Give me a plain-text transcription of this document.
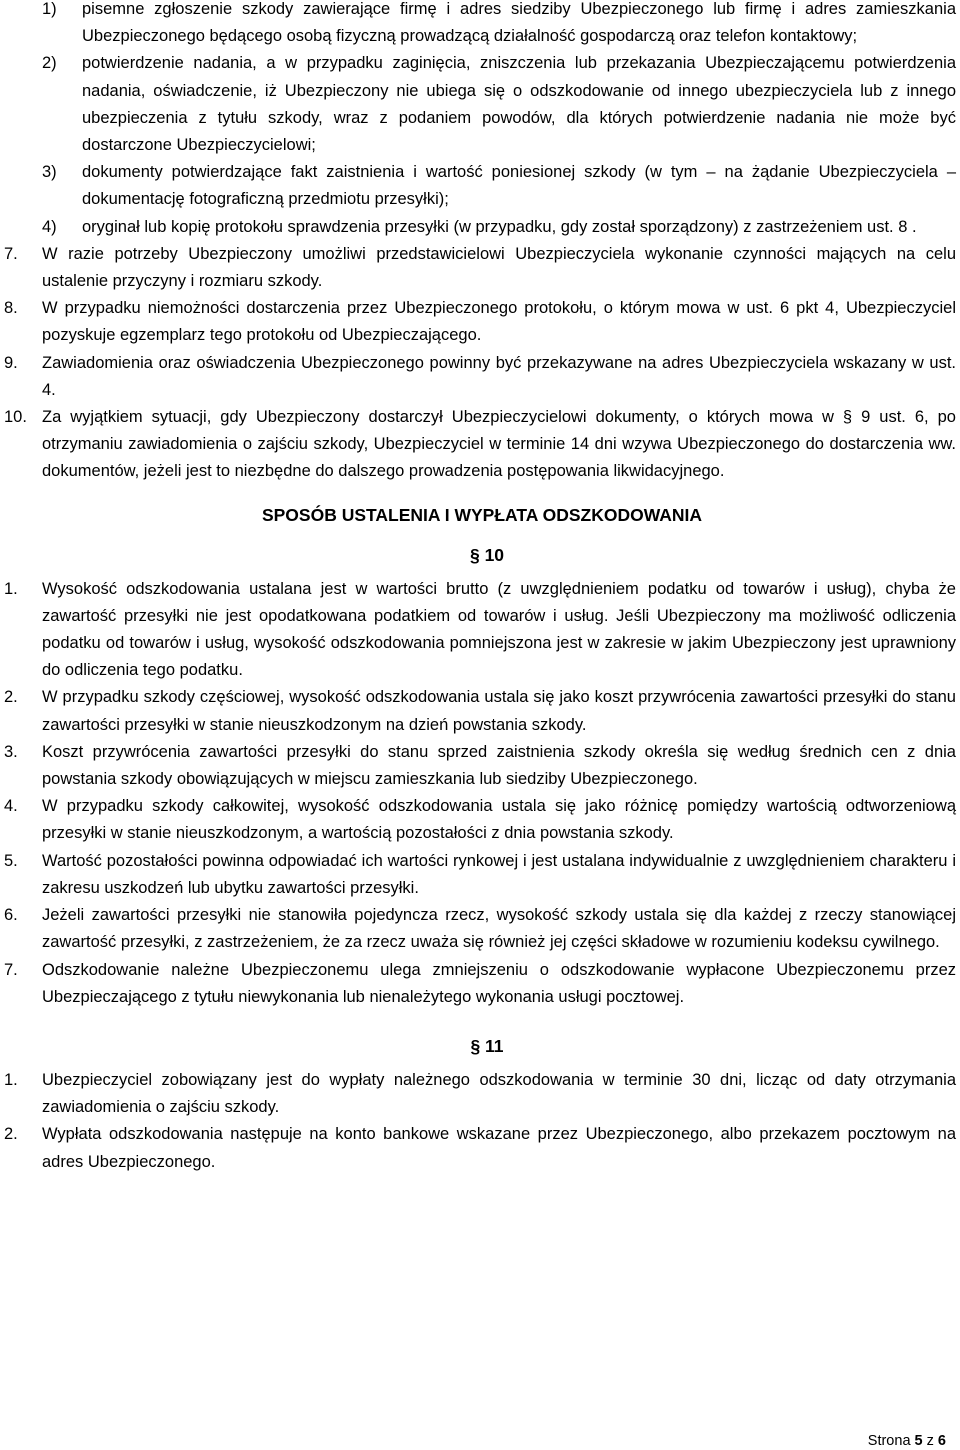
1)	pisemne zgłoszenie szkody zawierające firmę i adres siedziby Ubezpieczonego lub firmę i adres zamieszkania Ubezpieczonego będącego osobą fizyczną prowadzącą działalność gospodarczą oraz telefon kontaktowy;
2)	potwierdzenie nadania, a w przypadku zaginięcia, zniszczenia lub przekazania Ubezpieczającemu potwierdzenia nadania, oświadczenie, iż Ubezpieczony nie ubiega się o odszkodowanie od innego ubezpieczyciela lub z innego ubezpieczenia z tytułu szkody, wraz z podaniem powodów, dla których potwierdzenie nadania nie może być dostarczone Ubezpieczycielowi;
3)	dokumenty potwierdzające fakt zaistnienia i wartość poniesionej szkody (w tym – na żądanie Ubezpieczyciela – dokumentację fotograficzną przedmiotu przesyłki);
4)	oryginał lub kopię protokołu sprawdzenia przesyłki (w przypadku, gdy został sporządzony) z zastrzeżeniem ust. 8 .
7.	W razie potrzeby Ubezpieczony umożliwi przedstawicielowi Ubezpieczyciela wykonanie czynności mających na celu ustalenie przyczyny i rozmiaru szkody.
8.	W przypadku niemożności dostarczenia przez Ubezpieczonego protokołu, o którym mowa w ust. 6 pkt 4, Ubezpieczyciel pozyskuje egzemplarz tego protokołu od Ubezpieczającego.
9.	Zawiadomienia oraz oświadczenia Ubezpieczonego powinny być przekazywane na adres Ubezpieczyciela wskazany w ust. 4.
10. Za wyjątkiem sytuacji, gdy Ubezpieczony dostarczył Ubezpieczycielowi dokumenty, o których mowa w § 9 ust. 6, po otrzymaniu zawiadomienia o zajściu szkody, Ubezpieczyciel w terminie 14 dni wzywa Ubezpieczonego do dostarczenia ww. dokumentów, jeżeli jest to niezbędne do dalszego prowadzenia postępowania likwidacyjnego.
SPOSÓB USTALENIA I WYPŁATA ODSZKODOWANIA
§ 10
1.	Wysokość odszkodowania ustalana jest w wartości brutto (z uwzględnieniem podatku od towarów i usług), chyba że zawartość przesyłki nie jest opodatkowana podatkiem od towarów i usług. Jeśli Ubezpieczony ma możliwość odliczenia podatku od towarów i usług, wysokość odszkodowania pomniejszona jest w zakresie w jakim Ubezpieczony jest uprawniony do odliczenia tego podatku.
2.	W przypadku szkody częściowej, wysokość odszkodowania ustala się jako koszt przywrócenia zawartości przesyłki do stanu zawartości przesyłki w stanie nieuszkodzonym na dzień powstania szkody.
3.	Koszt przywrócenia zawartości przesyłki do stanu sprzed zaistnienia szkody określa się według średnich cen z dnia powstania szkody obowiązujących w miejscu zamieszkania lub siedziby Ubezpieczonego.
4.	W przypadku szkody całkowitej, wysokość odszkodowania ustala się jako różnicę pomiędzy wartością odtworzeniową przesyłki w stanie nieuszkodzonym, a wartością pozostałości z dnia powstania szkody.
5.	Wartość pozostałości powinna odpowiadać ich wartości rynkowej i jest ustalana indywidualnie z uwzględnieniem charakteru i zakresu uszkodzeń lub ubytku zawartości przesyłki.
6.	Jeżeli zawartości przesyłki nie stanowiła pojedyncza rzecz, wysokość szkody ustala się dla każdej z rzeczy stanowiącej zawartość przesyłki, z zastrzeżeniem, że za rzecz uważa się również jej części składowe w rozumieniu kodeksu cywilnego.
7.	Odszkodowanie należne Ubezpieczonemu ulega zmniejszeniu o odszkodowanie wypłacone Ubezpieczonemu przez Ubezpieczającego z tytułu niewykonania lub nienależytego wykonania usługi pocztowej.
§ 11
1.	Ubezpieczyciel zobowiązany jest do wypłaty należnego odszkodowania w terminie 30 dni, licząc od daty otrzymania zawiadomienia o zajściu szkody.
2.	Wypłata odszkodowania następuje na konto bankowe wskazane przez Ubezpieczonego, albo przekazem pocztowym na adres Ubezpieczonego.
Strona 5 z 6
